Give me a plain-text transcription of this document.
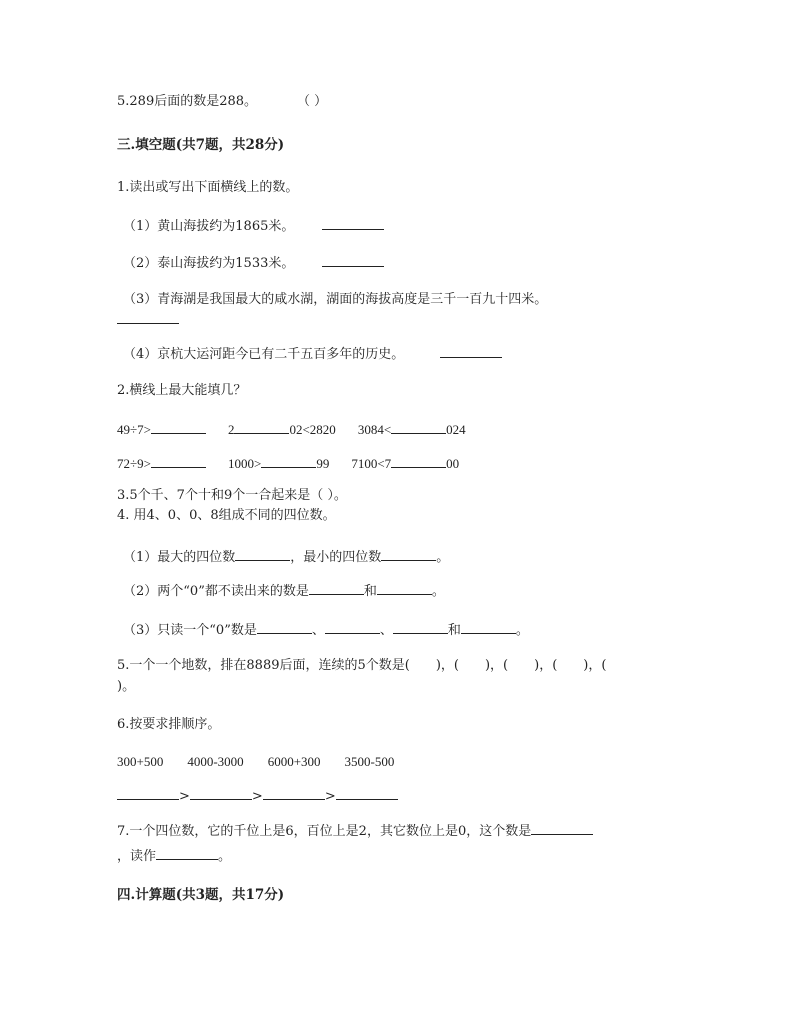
5.289后面的数是288。	（ ）
三.填空题(共7题，共28分)
1.读出或写出下面横线上的数。
（1）黄山海拔约为1865米。
（2）泰山海拔约为1533米。
（3）青海湖是我国最大的咸水湖，湖面的海拔高度是三千一百九十四米。
（4）京杭大运河距今已有二千五百多年的历史。
2.横线上最大能填几？
49÷7>	2	02<2820 3084<	024
72÷9>	1000>	99 7100<7	00
3.5个千、7个十和9个一合起来是（ ）。
4. 用4、0、0、8组成不同的四位数。
（1）最大的四位数	，最小的四位数	。
（2）两个“0”都不读出来的数是	和	。
（3）只读一个“0”数是	、	、	和	。
5.一个一个地数，排在8889后面，连续的5个数是(　　)，(　　)，(　　)，(　　)，(
)。
6.按要求排顺序。
300+500 4000-3000 6000+300 3500-500
>	>	>
7.一个四位数，它的千位上是6，百位上是2，其它数位上是0，这个数是
，读作	。
四.计算题(共3题，共17分)
